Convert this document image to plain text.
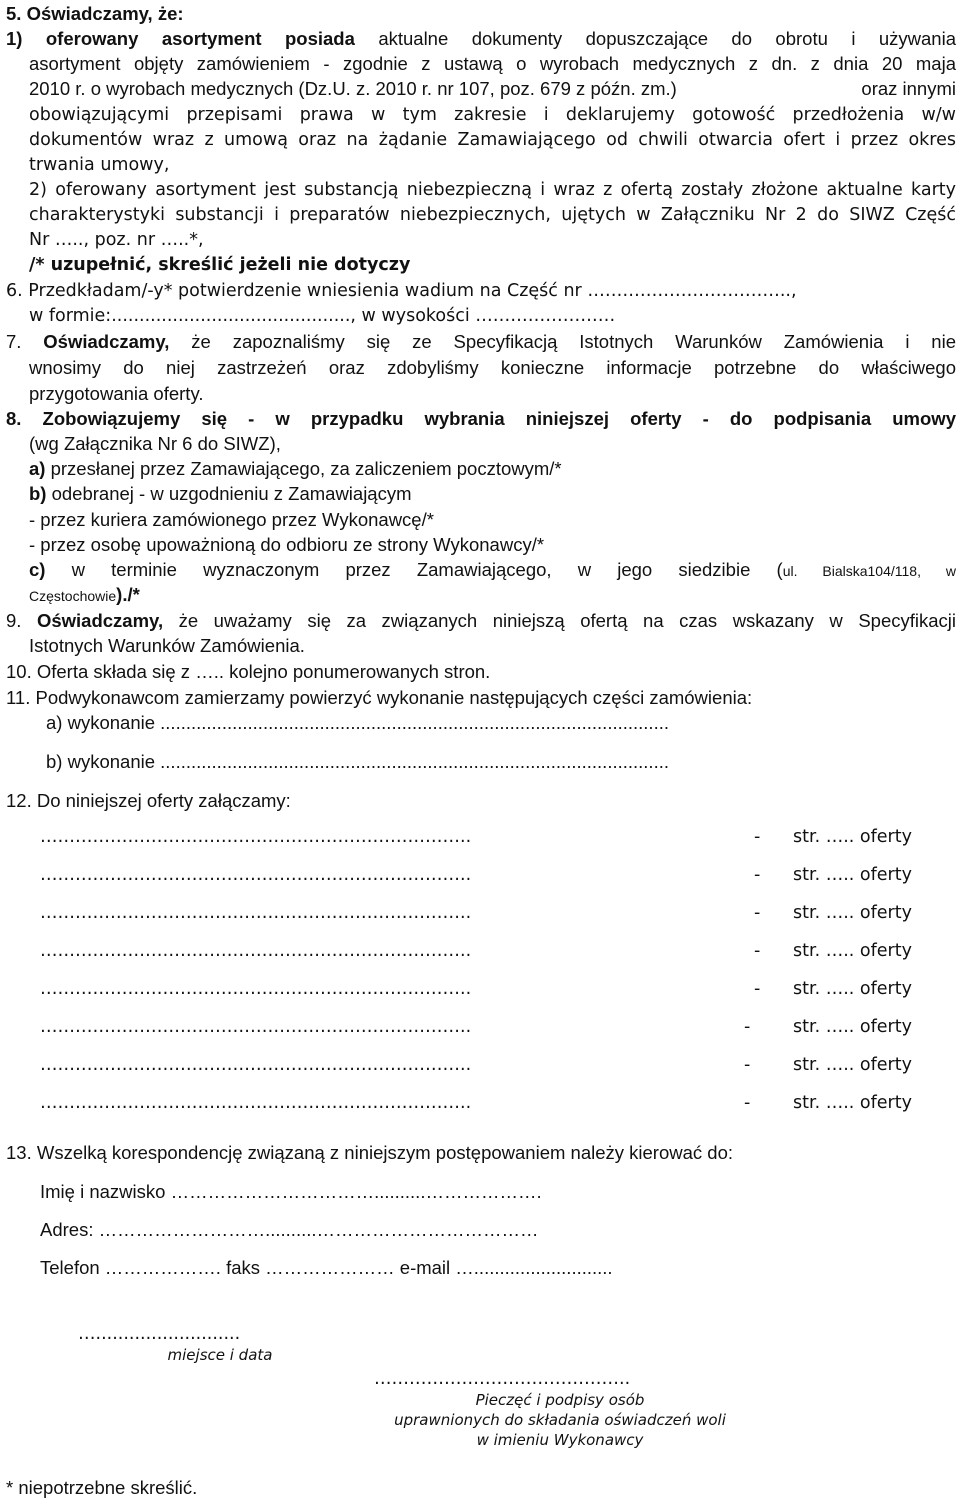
5. Oświadczamy, że:
1) oferowany asortyment posiada aktualne dokumenty dopuszczające do obrotu i używania
asortyment objęty zamówieniem - zgodnie z ustawą o wyrobach medycznych z dn. z dnia 20 maja
2010 r. o wyrobach medycznych (Dz.U. z. 2010 r. nr 107, poz. 679 z późn. zm.)	oraz innymi
obowiązującymi przepisami prawa w tym zakresie i deklarujemy gotowość przedłożenia w/w
dokumentów wraz z umową oraz na żądanie Zamawiającego od chwili otwarcia ofert i przez okres
trwania umowy,
2) oferowany asortyment jest substancją niebezpieczną i wraz z ofertą zostały złożone aktualne karty
charakterystyki substancji i preparatów niebezpiecznych, ujętych w Załączniku Nr 2 do SIWZ Część
Nr ….., poz. nr …..*,
/* uzupełnić, skreślić jeżeli nie dotyczy
6. Przedkładam/-y* potwierdzenie wniesienia wadium na Część nr ……………………………..,
w formie:..........................................., w wysokości ……………………
7. Oświadczamy, że zapoznaliśmy się ze Specyfikacją Istotnych Warunków Zamówienia i nie
wnosimy do niej zastrzeżeń oraz zdobyliśmy konieczne informacje potrzebne do właściwego
przygotowania oferty.
8. Zobowiązujemy się - w przypadku wybrania niniejszej oferty - do podpisania umowy
(wg Załącznika Nr 6 do SIWZ),
a) przesłanej przez Zamawiającego, za zaliczeniem pocztowym/*
b) odebranej - w uzgodnieniu z Zamawiającym
- przez kuriera zamówionego przez Wykonawcę/*
- przez osobę upoważnioną do odbioru ze strony Wykonawcy/*
c) w terminie wyznaczonym przez Zamawiającego, w jego siedzibie (ul. Bialska104/118, w
Częstochowie)./*
9. Oświadczamy, że uważamy się za związanych niniejszą ofertą na czas wskazany w Specyfikacji
Istotnych Warunków Zamówienia.
10. Oferta składa się z ….. kolejno ponumerowanych stron.
11. Podwykonawcom zamierzamy powierzyć wykonanie następujących części zamówienia:
a) wykonanie ...................................................................................................
b) wykonanie ...................................................................................................
12. Do niniejszej oferty załączamy:
………………………………………………………………..	- str. ….. oferty
………………………………………………………………..	- str. ….. oferty
………………………………………………………………..	- str. ….. oferty
………………………………………………………………..	- str. ….. oferty
………………………………………………………………..	- str. ….. oferty
………………………………………………………………..	- str. ….. oferty
………………………………………………………………..	- str. ….. oferty
………………………………………………………………..	- str. ….. oferty
13. Wszelką korespondencję związaną z niniejszym postępowaniem należy kierować do:
Imię i nazwisko ……………………………..........……………….
Adres: ………………………..........………………………………
Telefon ………………. faks ………………… e-mail …...........................
…..........................
miejsce i data
……………………………………..
Pieczęć i podpisy osób
uprawnionych do składania oświadczeń woli
w imieniu Wykonawcy
* niepotrzebne skreślić.
